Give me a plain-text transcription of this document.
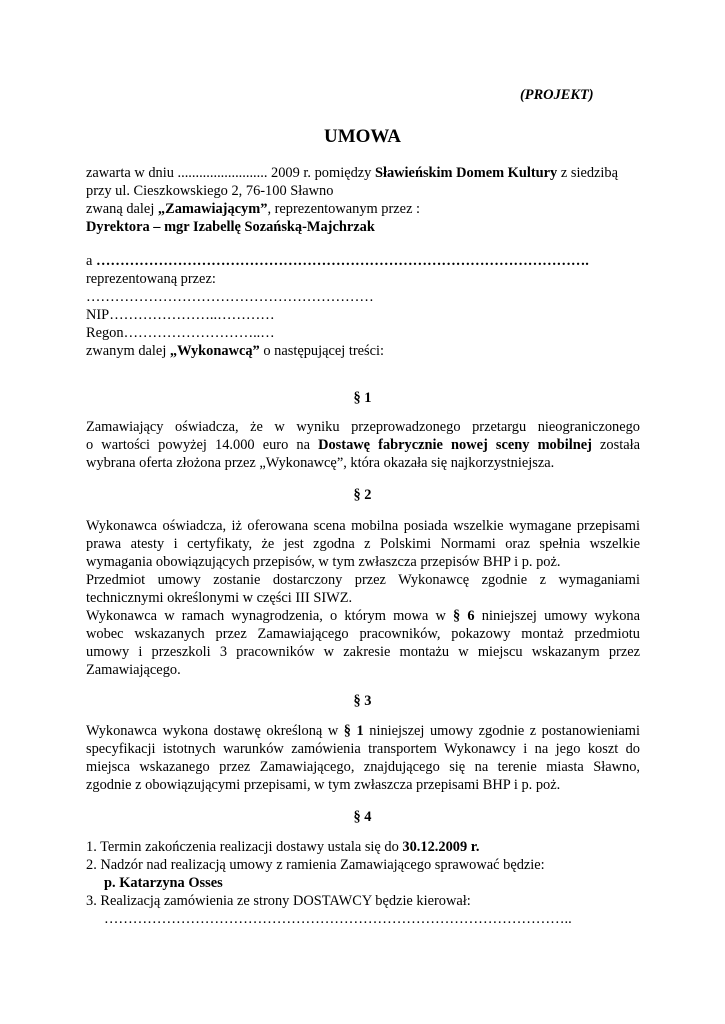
(PROJEKT)
UMOWA
zawarta w dniu ......................... 2009 r. pomiędzy Sławieńskim Domem Kultury z siedzibą
przy ul. Cieszkowskiego 2, 76-100 Sławno
zwaną dalej „Zamawiającym”, reprezentowanym przez :
Dyrektora – mgr Izabellę Sozańską-Majchrzak
a ………………………………………………………………………………………….
reprezentowaną przez:
……………………………………………………
NIP…………………..…………
Regon………………………..…
zwanym dalej „Wykonawcą” o następującej treści:
§ 1
Zamawiający oświadcza, że w wyniku przeprowadzonego przetargu nieograniczonego
o wartości powyżej 14.000 euro na Dostawę fabrycznie nowej sceny mobilnej została
wybrana oferta złożona przez „Wykonawcę”, która okazała się najkorzystniejsza.
§ 2
Wykonawca oświadcza, iż oferowana scena mobilna posiada wszelkie wymagane przepisami
prawa atesty i certyfikaty, że jest zgodna z Polskimi Normami oraz spełnia wszelkie
wymagania obowiązujących przepisów, w tym zwłaszcza przepisów BHP i p. poż.
Przedmiot umowy zostanie dostarczony przez Wykonawcę zgodnie z wymaganiami
technicznymi określonymi w części III SIWZ.
Wykonawca w ramach wynagrodzenia, o którym mowa w § 6 niniejszej umowy wykona
wobec wskazanych przez Zamawiającego pracowników, pokazowy montaż przedmiotu
umowy i przeszkoli 3 pracowników w zakresie montażu w miejscu wskazanym przez
Zamawiającego.
§ 3
Wykonawca wykona dostawę określoną w § 1 niniejszej umowy zgodnie z postanowieniami
specyfikacji istotnych warunków zamówienia transportem Wykonawcy i na jego koszt do
miejsca wskazanego przez Zamawiającego, znajdującego się na terenie miasta Sławno,
zgodnie z obowiązującymi przepisami, w tym zwłaszcza przepisami BHP i p. poż.
§ 4
1. Termin zakończenia realizacji dostawy ustala się do 30.12.2009 r.
2. Nadzór nad realizacją umowy z ramienia Zamawiającego sprawować będzie:
p. Katarzyna Osses
3. Realizacją zamówienia ze strony DOSTAWCY będzie kierował:
……………………………………………………………………………………..
